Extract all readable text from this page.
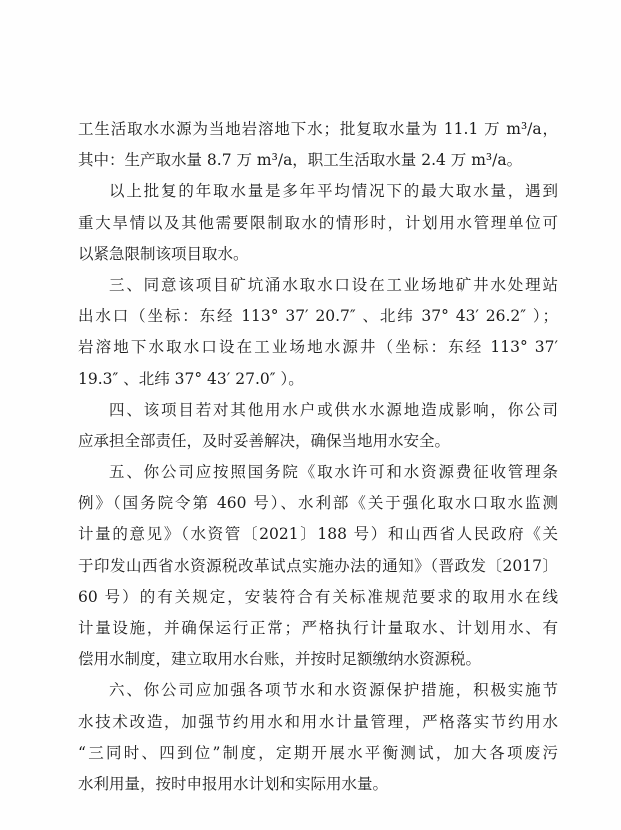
工生活取水水源为当地岩溶地下水；批复取水量为 11.1 万 m³/a，
其中：生产取水量 8.7 万 m³/a，职工生活取水量 2.4 万 m³/a。
以上批复的年取水量是多年平均情况下的最大取水量，遇到
重大旱情以及其他需要限制取水的情形时，计划用水管理单位可
以紧急限制该项目取水。
三、同意该项目矿坑涌水取水口设在工业场地矿井水处理站
出水口（坐标：东经 113° 37′ 20.7″ 、北纬 37° 43′ 26.2″ ）；
岩溶地下水取水口设在工业场地水源井（坐标：东经 113° 37′
19.3″ 、北纬 37° 43′ 27.0″ ）。
四、该项目若对其他用水户或供水水源地造成影响，你公司
应承担全部责任，及时妥善解决，确保当地用水安全。
五、你公司应按照国务院《取水许可和水资源费征收管理条
例》（国务院令第 460 号）、水利部《关于强化取水口取水监测
计量的意见》（水资管〔2021〕188 号）和山西省人民政府《关
于印发山西省水资源税改革试点实施办法的通知》（晋政发〔2017〕
60 号）的有关规定，安装符合有关标准规范要求的取用水在线
计量设施，并确保运行正常；严格执行计量取水、计划用水、有
偿用水制度，建立取用水台账，并按时足额缴纳水资源税。
六、你公司应加强各项节水和水资源保护措施，积极实施节
水技术改造，加强节约用水和用水计量管理，严格落实节约用水
“三同时、四到位”制度，定期开展水平衡测试，加大各项废污
水利用量，按时申报用水计划和实际用水量。
